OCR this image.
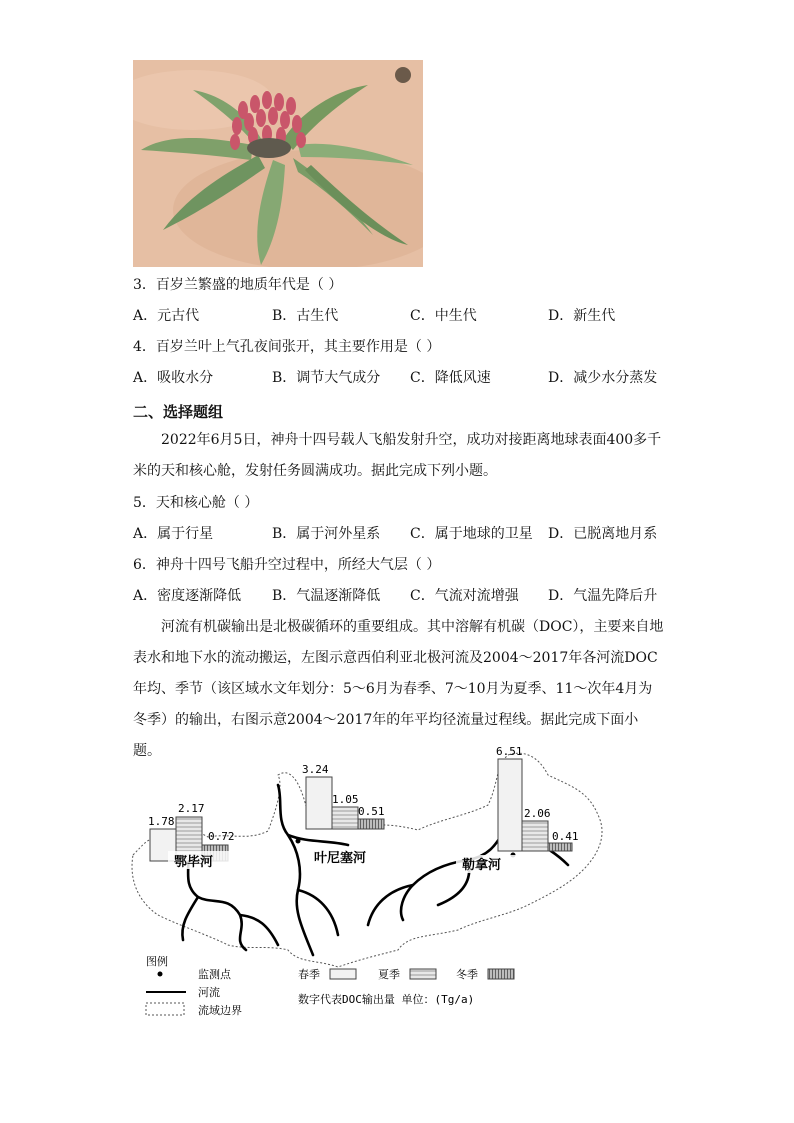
3．百岁兰繁盛的地质年代是（ ）
A．元古代	B．古生代	C．中生代	D．新生代
4．百岁兰叶上气孔夜间张开，其主要作用是（ ）
A．吸收水分	B．调节大气成分 C．降低风速	D．减少水分蒸发
二、选择题组
2022年6月5日，神舟十四号载人飞船发射升空，成功对接距离地球表面400多千米的天和核心舱，发射任务圆满成功。据此完成下列小题。
5．天和核心舱（ ）
A．属于行星	B．属于河外星系 C．属于地球的卫星 D．已脱离地月系
6．神舟十四号飞船升空过程中，所经大气层（ ）
A．密度逐渐降低 B．气温逐渐降低 C．气流对流增强 D．气温先降后升
河流有机碳输出是北极碳循环的重要组成。其中溶解有机碳（DOC），主要来自地表水和地下水的流动搬运，左图示意西伯利亚北极河流及2004～2017年各河流DOC年均、季节（该区域水文年划分：5～6月为春季、7～10月为夏季、11～次年4月为冬季）的输出，右图示意2004～2017年的年平均径流量过程线。据此完成下面小题。
1.78
2.17
0.72
鄂毕河
3.24
1.05
0.51
叶尼塞河
6.51
2.06
0.41
勒拿河
图例
监测点
河流
流域边界
春季	夏季	冬季
数字代表DOC输出量 单位：(Tg/a)
